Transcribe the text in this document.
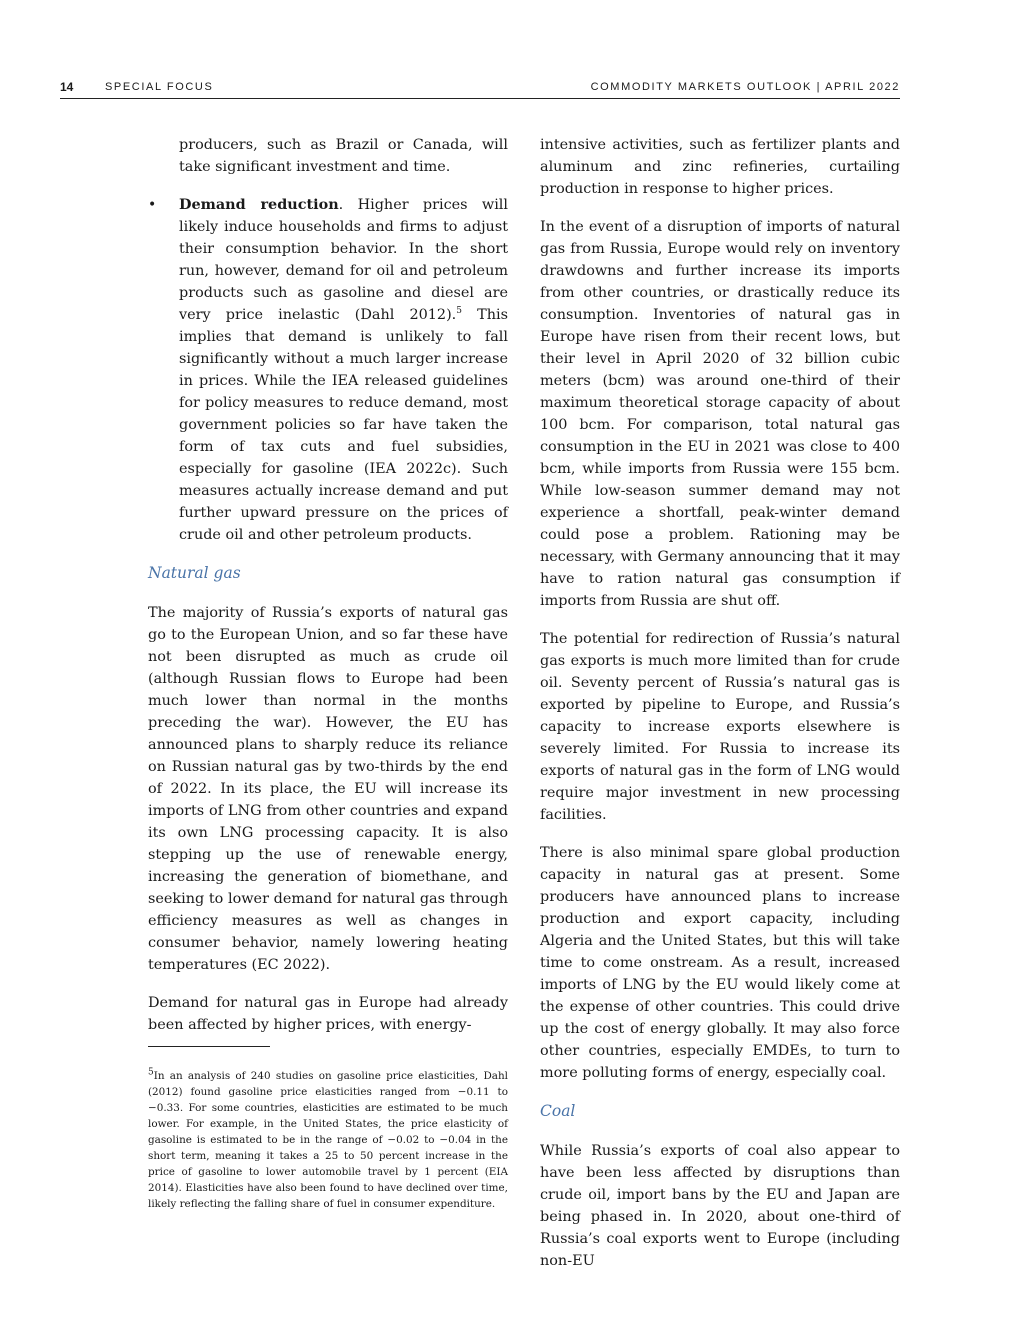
14	SPECIAL FOCUS	COMMODITY MARKETS OUTLOOK | APRIL 2022

producers, such as Brazil or Canada, will take significant investment and time.

• Demand reduction. Higher prices will likely induce households and firms to adjust their consumption behavior. In the short run, however, demand for oil and petroleum products such as gasoline and diesel are very price inelastic (Dahl 2012).$^5$ This implies that demand is unlikely to fall significantly without a much larger increase in prices. While the IEA released guidelines for policy measures to reduce demand, most government policies so far have taken the form of tax cuts and fuel subsidies, especially for gasoline (IEA 2022c). Such measures actually increase demand and put further upward pressure on the prices of crude oil and other petroleum products.

Natural gas

The majority of Russia’s exports of natural gas go to the European Union, and so far these have not been disrupted as much as crude oil (although Russian flows to Europe had been much lower than normal in the months preceding the war). However, the EU has announced plans to sharply reduce its reliance on Russian natural gas by two-thirds by the end of 2022. In its place, the EU will increase its imports of LNG from other countries and expand its own LNG processing capacity. It is also stepping up the use of renewable energy, increasing the generation of biomethane, and seeking to lower demand for natural gas through efficiency measures as well as changes in consumer behavior, namely lowering heating temperatures (EC 2022).

Demand for natural gas in Europe had already been affected by higher prices, with energy-

$^5$In an analysis of 240 studies on gasoline price elasticities, Dahl (2012) found gasoline price elasticities ranged from −0.11 to −0.33. For some countries, elasticities are estimated to be much lower. For example, in the United States, the price elasticity of gasoline is estimated to be in the range of −0.02 to −0.04 in the short term, meaning it takes a 25 to 50 percent increase in the price of gasoline to lower automobile travel by 1 percent (EIA 2014). Elasticities have also been found to have declined over time, likely reflecting the falling share of fuel in consumer expenditure.

intensive activities, such as fertilizer plants and aluminum and zinc refineries, curtailing production in response to higher prices.

In the event of a disruption of imports of natural gas from Russia, Europe would rely on inventory drawdowns and further increase its imports from other countries, or drastically reduce its consumption. Inventories of natural gas in Europe have risen from their recent lows, but their level in April 2020 of 32 billion cubic meters (bcm) was around one-third of their maximum theoretical storage capacity of about 100 bcm. For comparison, total natural gas consumption in the EU in 2021 was close to 400 bcm, while imports from Russia were 155 bcm. While low-season summer demand may not experience a shortfall, peak-winter demand could pose a problem. Rationing may be necessary, with Germany announcing that it may have to ration natural gas consumption if imports from Russia are shut off.

The potential for redirection of Russia’s natural gas exports is much more limited than for crude oil. Seventy percent of Russia’s natural gas is exported by pipeline to Europe, and Russia’s capacity to increase exports elsewhere is severely limited. For Russia to increase its exports of natural gas in the form of LNG would require major investment in new processing facilities.

There is also minimal spare global production capacity in natural gas at present. Some producers have announced plans to increase production and export capacity, including Algeria and the United States, but this will take time to come onstream. As a result, increased imports of LNG by the EU would likely come at the expense of other countries. This could drive up the cost of energy globally. It may also force other countries, especially EMDEs, to turn to more polluting forms of energy, especially coal.

Coal

While Russia’s exports of coal also appear to have been less affected by disruptions than crude oil, import bans by the EU and Japan are being phased in. In 2020, about one-third of Russia’s coal exports went to Europe (including non-EU
